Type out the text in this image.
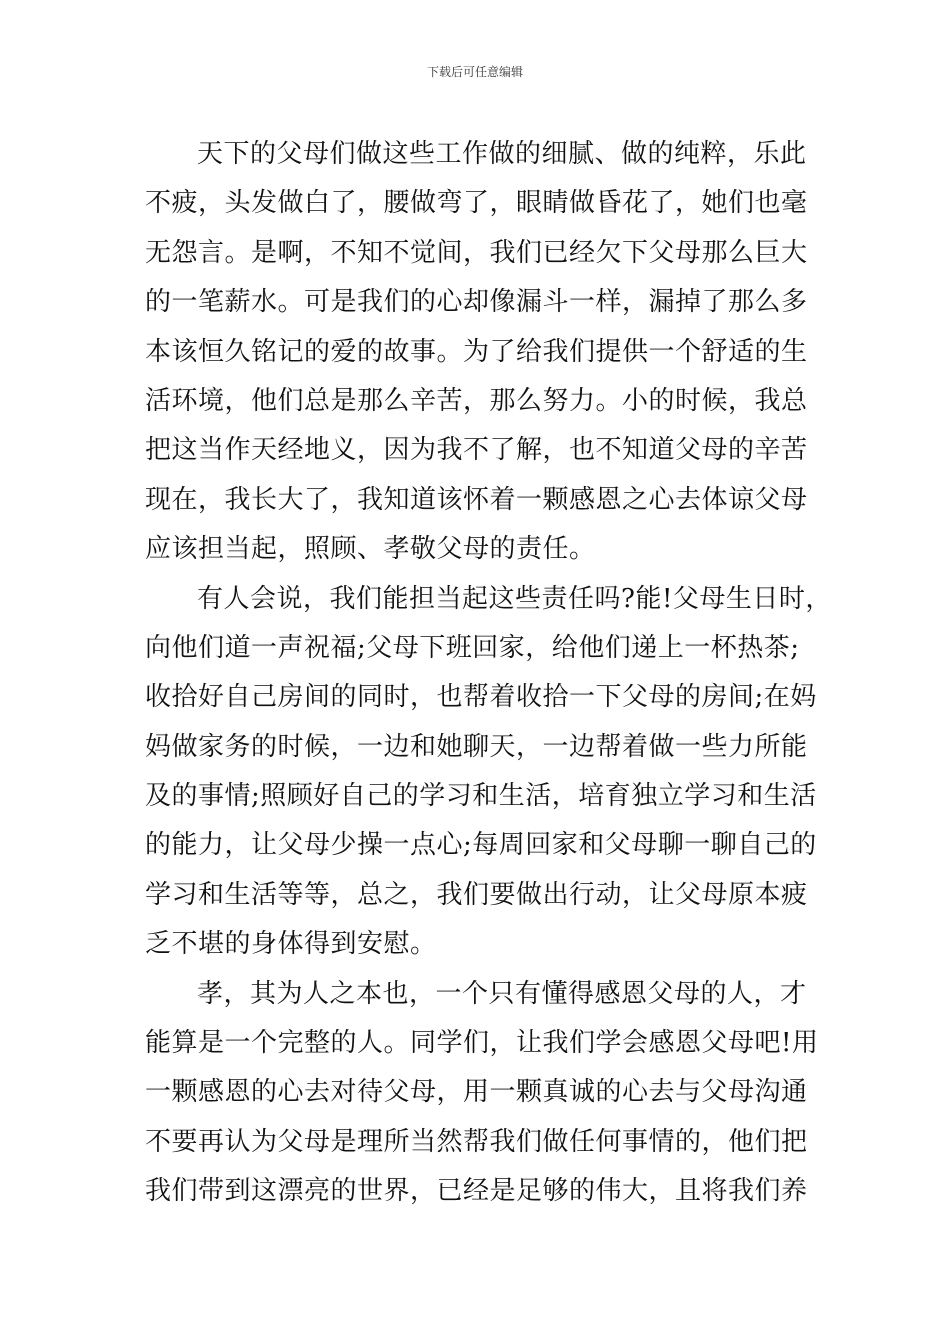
下载后可任意编辑
天下的父母们做这些工作做的细腻、做的纯粹，乐此
不疲，头发做白了，腰做弯了，眼睛做昏花了，她们也毫
无怨言。是啊，不知不觉间，我们已经欠下父母那么巨大
的一笔薪水。可是我们的心却像漏斗一样，漏掉了那么多
本该恒久铭记的爱的故事。为了给我们提供一个舒适的生
活环境，他们总是那么辛苦，那么努力。小的时候，我总
把这当作天经地义，因为我不了解，也不知道父母的辛苦
现在，我长大了，我知道该怀着一颗感恩之心去体谅父母
应该担当起，照顾、孝敬父母的责任。
有人会说，我们能担当起这些责任吗?能!父母生日时，
向他们道一声祝福;父母下班回家，给他们递上一杯热茶;
收拾好自己房间的同时，也帮着收拾一下父母的房间;在妈
妈做家务的时候，一边和她聊天，一边帮着做一些力所能
及的事情;照顾好自己的学习和生活，培育独立学习和生活
的能力，让父母少操一点心;每周回家和父母聊一聊自己的
学习和生活等等，总之，我们要做出行动，让父母原本疲
乏不堪的身体得到安慰。
孝，其为人之本也，一个只有懂得感恩父母的人，才
能算是一个完整的人。同学们，让我们学会感恩父母吧!用
一颗感恩的心去对待父母，用一颗真诚的心去与父母沟通
不要再认为父母是理所当然帮我们做任何事情的，他们把
我们带到这漂亮的世界，已经是足够的伟大，且将我们养
